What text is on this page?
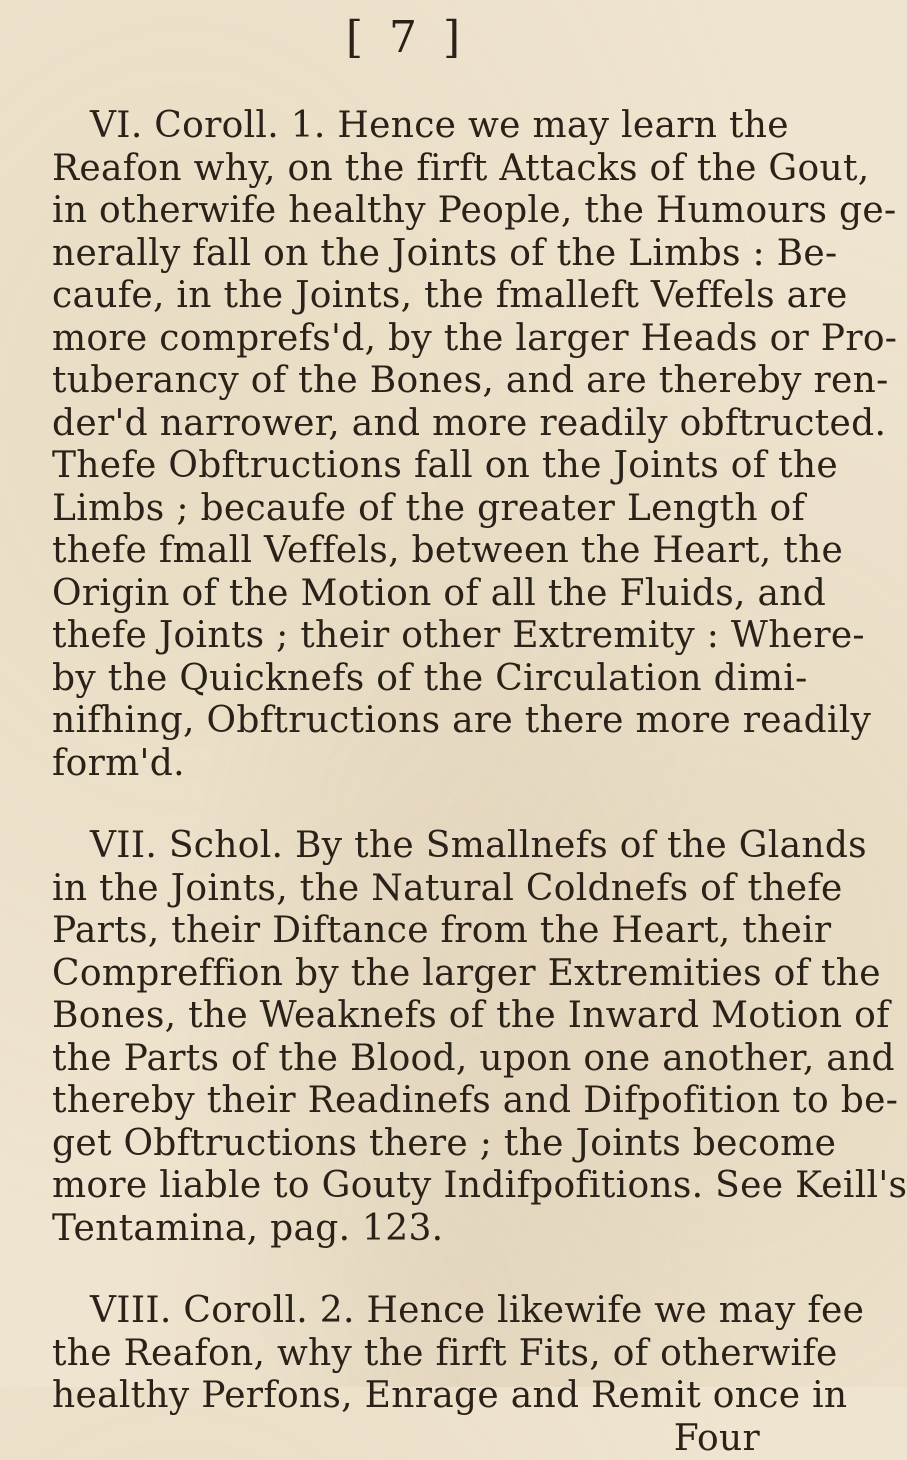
[ 7 ]
VI. Coroll. 1. Hence we may learn the
Reafon why, on the firft Attacks of the Gout,
in otherwife healthy People, the Humours ge-
nerally fall on the Joints of the Limbs : Be-
caufe, in the Joints, the fmalleft Veffels are
more comprefs'd, by the larger Heads or Pro-
tuberancy of the Bones, and are thereby ren-
der'd narrower, and more readily obftructed.
Thefe Obftructions fall on the Joints of the
Limbs ; becaufe of the greater Length of
thefe fmall Veffels, between the Heart, the
Origin of the Motion of all the Fluids, and
thefe Joints ; their other Extremity : Where-
by the Quicknefs of the Circulation dimi-
nifhing, Obftructions are there more readily
form'd.
VII. Schol. By the Smallnefs of the Glands
in the Joints, the Natural Coldnefs of thefe
Parts, their Diftance from the Heart, their
Compreffion by the larger Extremities of the
Bones, the Weaknefs of the Inward Motion of
the Parts of the Blood, upon one another, and
thereby their Readinefs and Difpofition to be-
get Obftructions there ; the Joints become
more liable to Gouty Indifpofitions. See Keill's
Tentamina, pag. 123.
VIII. Coroll. 2. Hence likewife we may fee
the Reafon, why the firft Fits, of otherwife
healthy Perfons, Enrage and Remit once in
Four
